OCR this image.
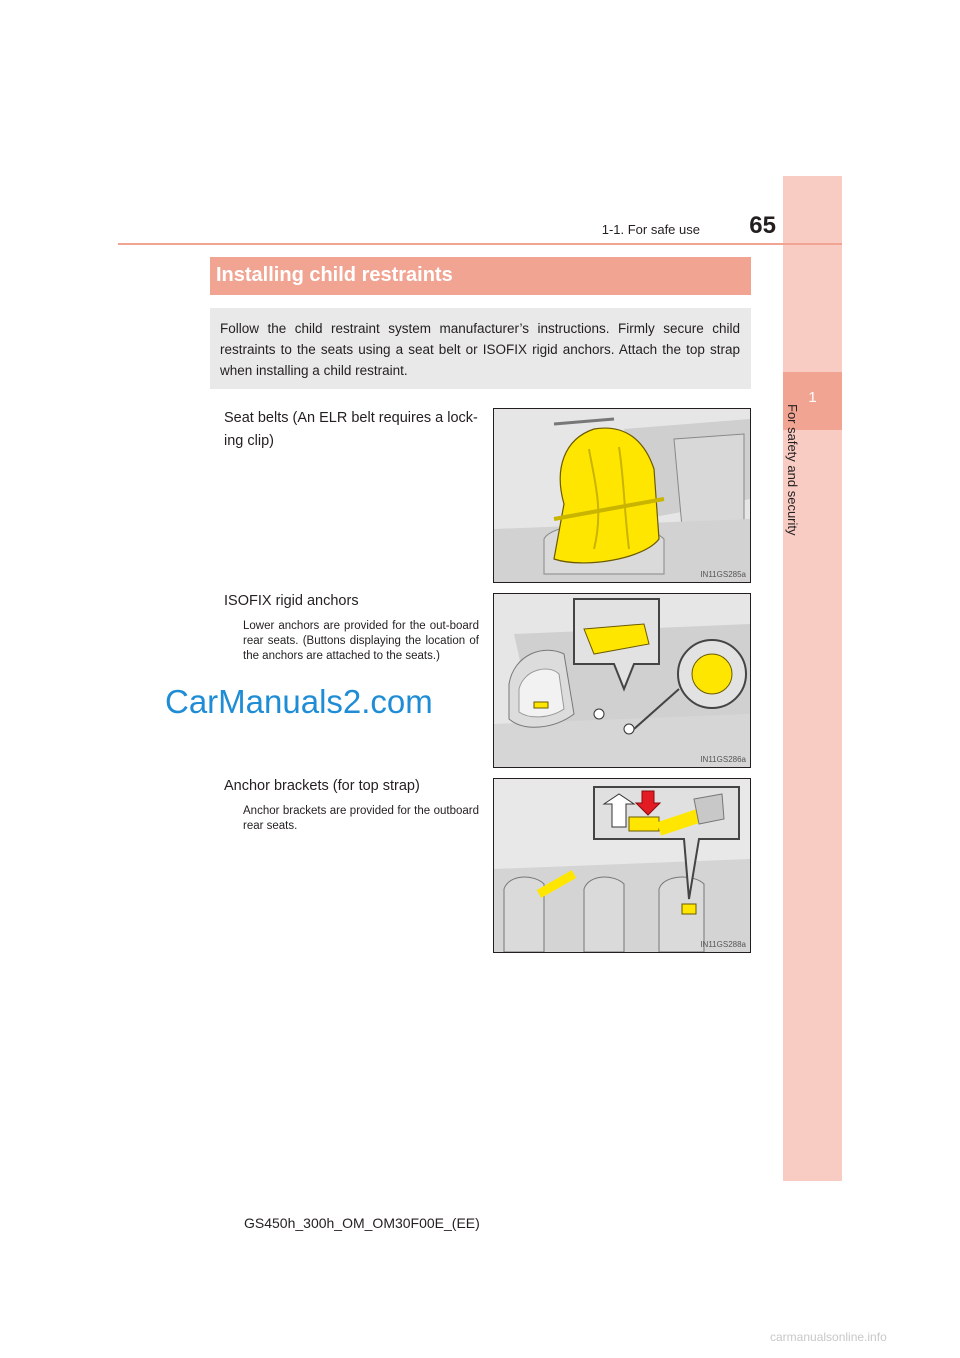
1
For safety and security
1-1. For safe use	65
Installing child restraints
Follow the child restraint system manufacturer’s instructions. Firmly secure child restraints to the seats using a seat belt or ISOFIX rigid anchors. Attach the top strap when installing a child restraint.
Seat belts (An ELR belt requires a lock-ing clip)
IN11GS285a
ISOFIX rigid anchors
Lower anchors are provided for the out-board rear seats. (Buttons displaying the location of the anchors are attached to the seats.)
IN11GS286a
Anchor brackets (for top strap)
Anchor brackets are provided for the outboard rear seats.
IN11GS288a
CarManuals2.com
GS450h_300h_OM_OM30F00E_(EE)
carmanualsonline.info
